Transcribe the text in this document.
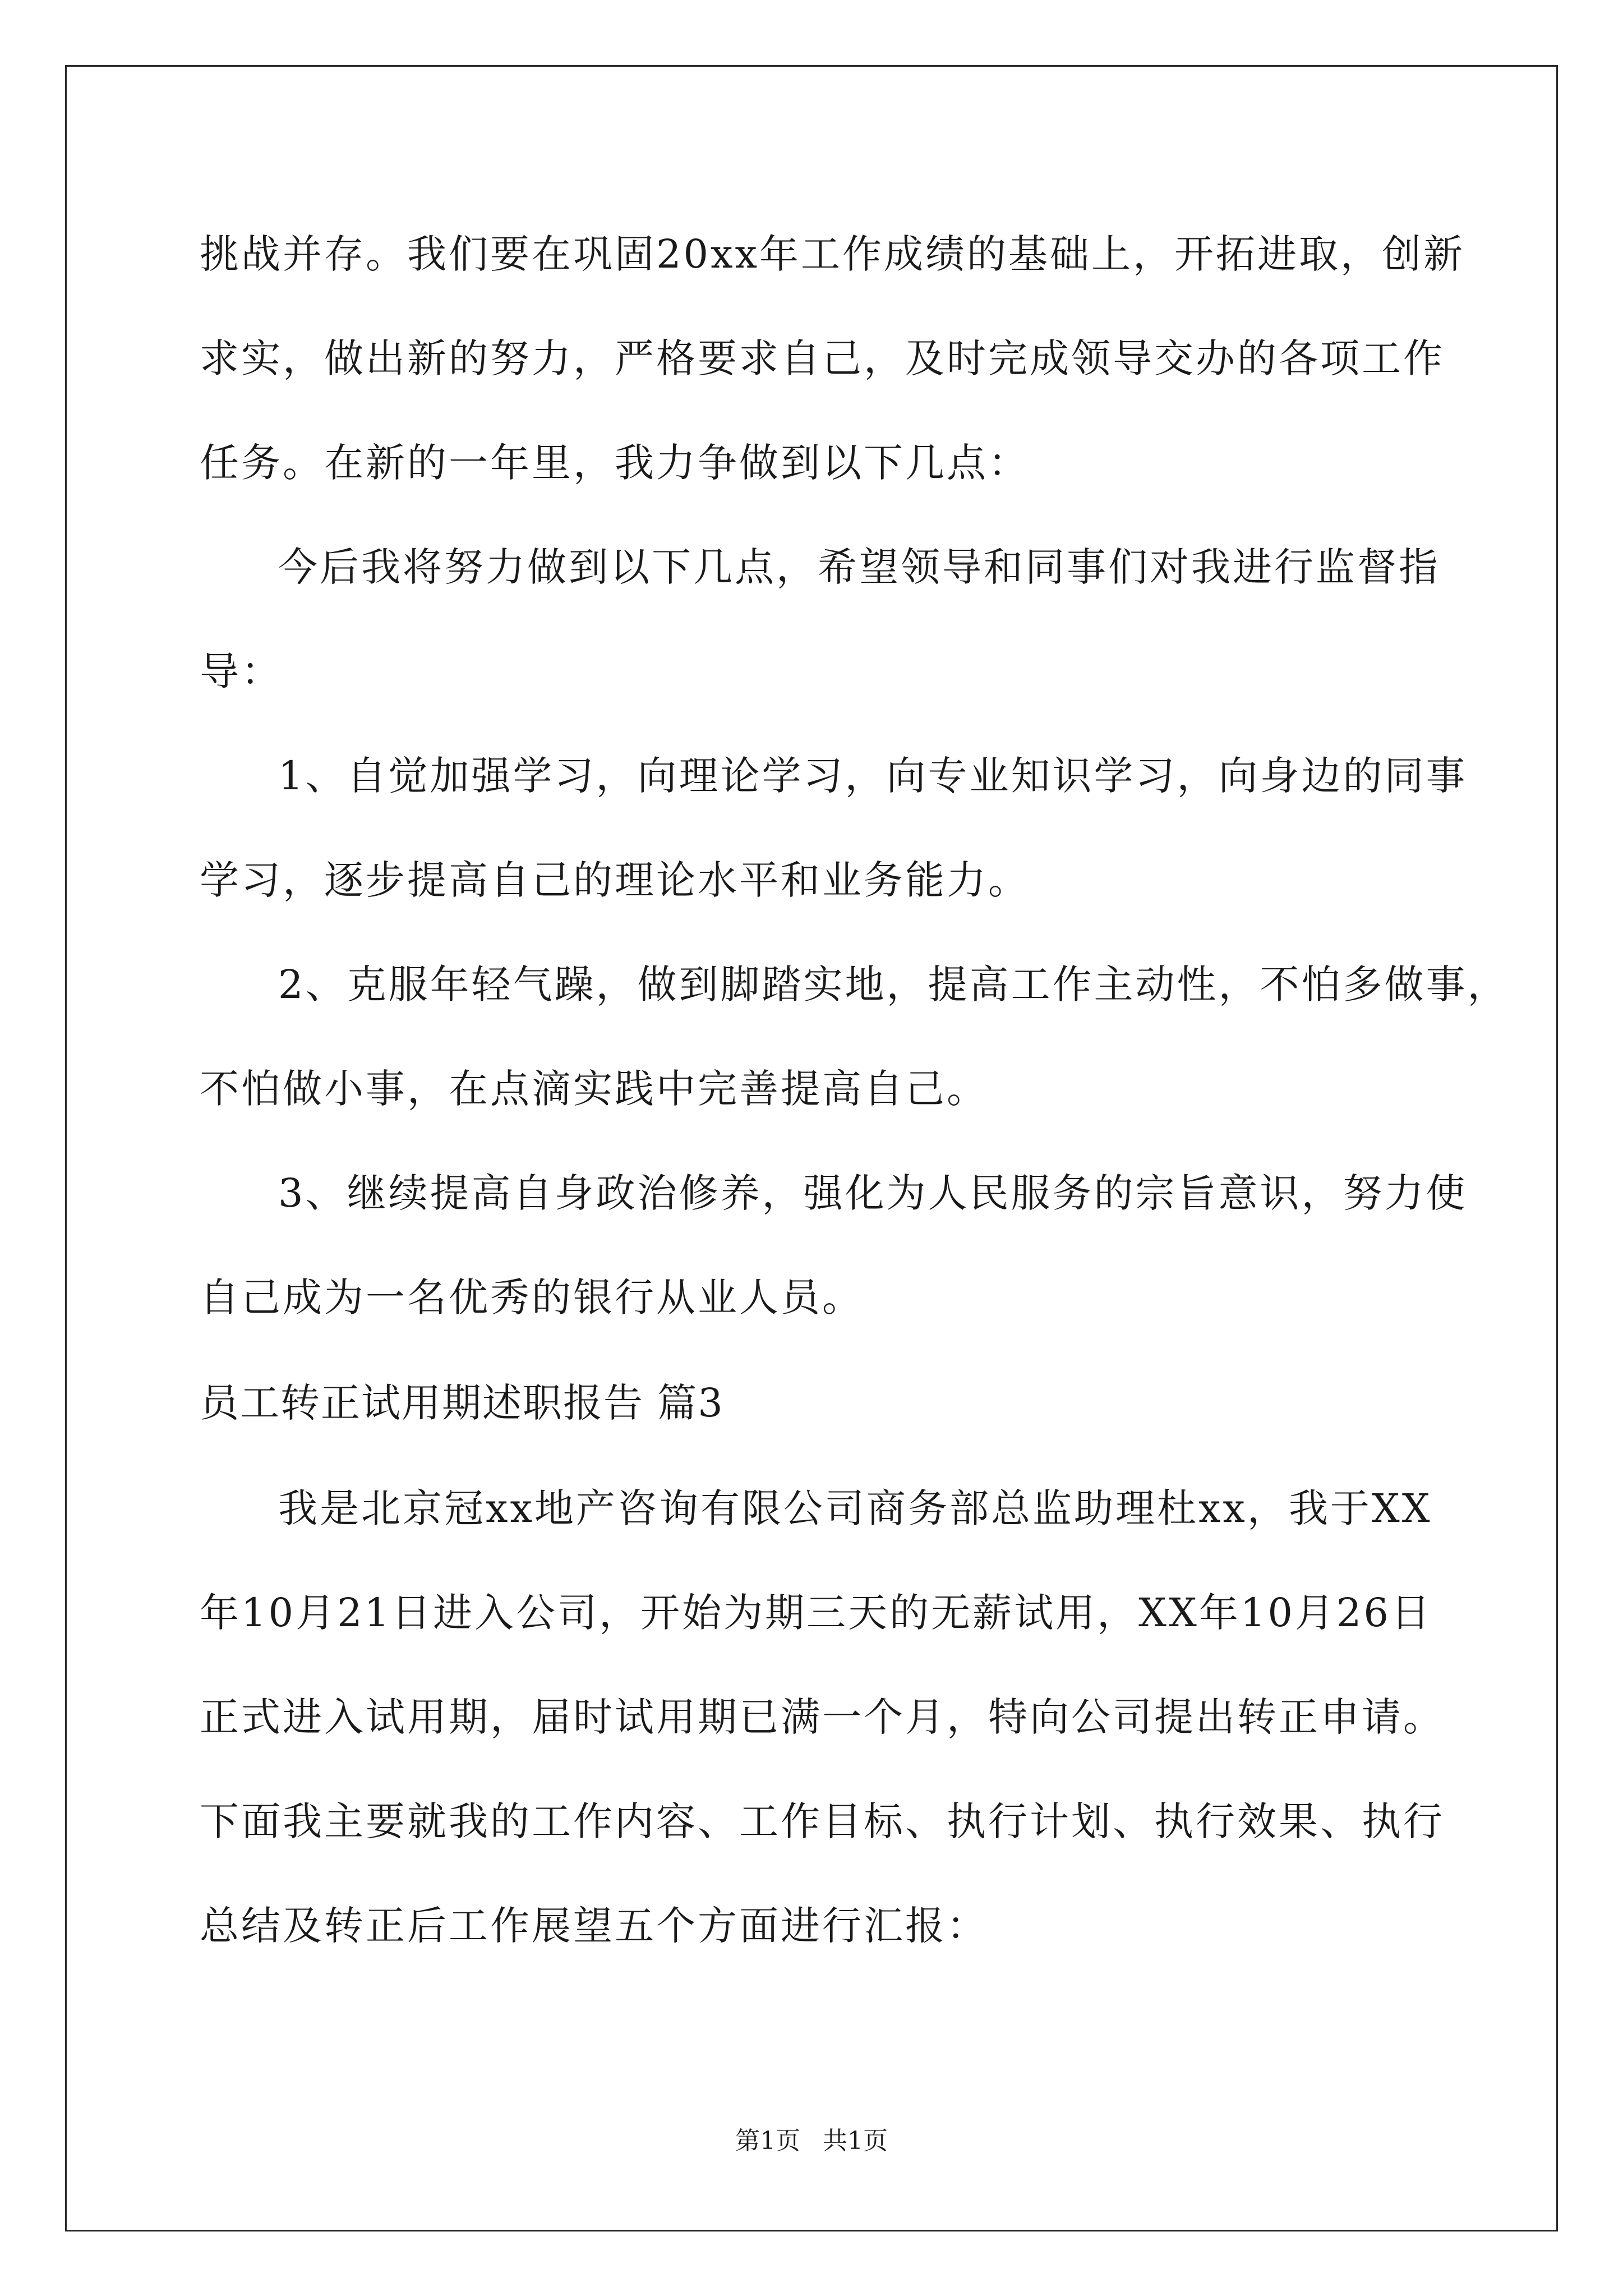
挑战并存。我们要在巩固20xx年工作成绩的基础上，开拓进取，创新
求实，做出新的努力，严格要求自己，及时完成领导交办的各项工作
任务。在新的一年里，我力争做到以下几点：
今后我将努力做到以下几点，希望领导和同事们对我进行监督指
导：
1、自觉加强学习，向理论学习，向专业知识学习，向身边的同事
学习，逐步提高自己的理论水平和业务能力。
2、克服年轻气躁，做到脚踏实地，提高工作主动性，不怕多做事，
不怕做小事，在点滴实践中完善提高自己。
3、继续提高自身政治修养，强化为人民服务的宗旨意识，努力使
自己成为一名优秀的银行从业人员。
员工转正试用期述职报告 篇3
我是北京冠xx地产咨询有限公司商务部总监助理杜xx，我于XX
年10月21日进入公司，开始为期三天的无薪试用，XX年10月26日
正式进入试用期，届时试用期已满一个月，特向公司提出转正申请。
下面我主要就我的工作内容、工作目标、执行计划、执行效果、执行
总结及转正后工作展望五个方面进行汇报：
第1页 共1页
